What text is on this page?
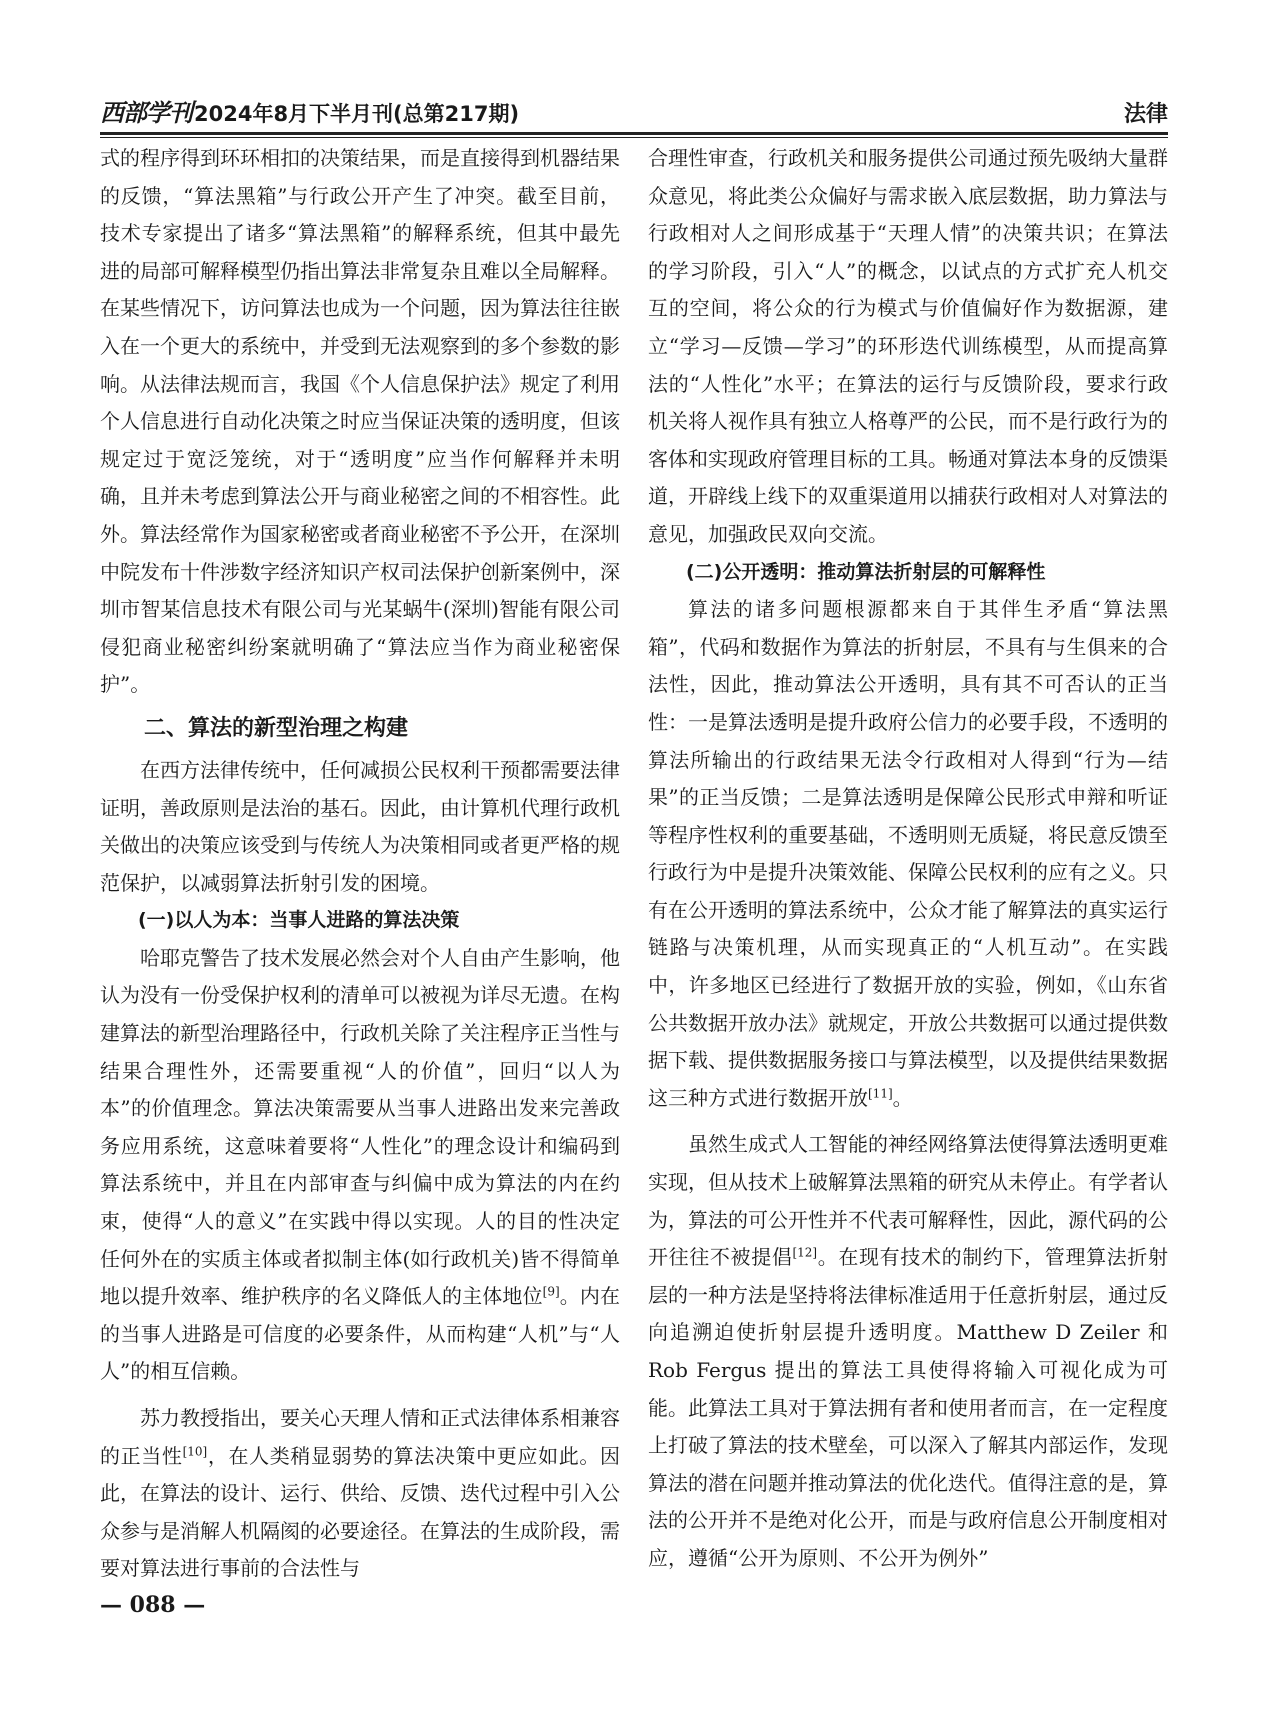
西部学刊 2024年8月下半月刊(总第217期)	法律

式的程序得到环环相扣的决策结果，而是直接得到机器结果的反馈，“算法黑箱”与行政公开产生了冲突。截至目前，技术专家提出了诸多“算法黑箱”的解释系统，但其中最先进的局部可解释模型仍指出算法非常复杂且难以全局解释。在某些情况下，访问算法也成为一个问题，因为算法往往嵌入在一个更大的系统中，并受到无法观察到的多个参数的影响。从法律法规而言，我国《个人信息保护法》规定了利用个人信息进行自动化决策之时应当保证决策的透明度，但该规定过于宽泛笼统，对于“透明度”应当作何解释并未明确，且并未考虑到算法公开与商业秘密之间的不相容性。此外。算法经常作为国家秘密或者商业秘密不予公开，在深圳中院发布十件涉数字经济知识产权司法保护创新案例中，深圳市智某信息技术有限公司与光某蜗牛(深圳)智能有限公司侵犯商业秘密纠纷案就明确了“算法应当作为商业秘密保护”。

二、算法的新型治理之构建

在西方法律传统中，任何减损公民权利干预都需要法律证明，善政原则是法治的基石。因此，由计算机代理行政机关做出的决策应该受到与传统人为决策相同或者更严格的规范保护，以减弱算法折射引发的困境。

(一)以人为本：当事人进路的算法决策

哈耶克警告了技术发展必然会对个人自由产生影响，他认为没有一份受保护权利的清单可以被视为详尽无遗。在构建算法的新型治理路径中，行政机关除了关注程序正当性与结果合理性外，还需要重视“人的价值”，回归“以人为本”的价值理念。算法决策需要从当事人进路出发来完善政务应用系统，这意味着要将“人性化”的理念设计和编码到算法系统中，并且在内部审查与纠偏中成为算法的内在约束，使得“人的意义”在实践中得以实现。人的目的性决定任何外在的实质主体或者拟制主体(如行政机关)皆不得简单地以提升效率、维护秩序的名义降低人的主体地位[9]。内在的当事人进路是可信度的必要条件，从而构建“人机”与“人人”的相互信赖。

苏力教授指出，要关心天理人情和正式法律体系相兼容的正当性[10]，在人类稍显弱势的算法决策中更应如此。因此，在算法的设计、运行、供给、反馈、迭代过程中引入公众参与是消解人机隔阂的必要途径。在算法的生成阶段，需要对算法进行事前的合法性与

合理性审查，行政机关和服务提供公司通过预先吸纳大量群众意见，将此类公众偏好与需求嵌入底层数据，助力算法与行政相对人之间形成基于“天理人情”的决策共识；在算法的学习阶段，引入“人”的概念，以试点的方式扩充人机交互的空间，将公众的行为模式与价值偏好作为数据源，建立“学习—反馈—学习”的环形迭代训练模型，从而提高算法的“人性化”水平；在算法的运行与反馈阶段，要求行政机关将人视作具有独立人格尊严的公民，而不是行政行为的客体和实现政府管理目标的工具。畅通对算法本身的反馈渠道，开辟线上线下的双重渠道用以捕获行政相对人对算法的意见，加强政民双向交流。

(二)公开透明：推动算法折射层的可解释性

算法的诸多问题根源都来自于其伴生矛盾“算法黑箱”，代码和数据作为算法的折射层，不具有与生俱来的合法性，因此，推动算法公开透明，具有其不可否认的正当性：一是算法透明是提升政府公信力的必要手段，不透明的算法所输出的行政结果无法令行政相对人得到“行为—结果”的正当反馈；二是算法透明是保障公民形式申辩和听证等程序性权利的重要基础，不透明则无质疑，将民意反馈至行政行为中是提升决策效能、保障公民权利的应有之义。只有在公开透明的算法系统中，公众才能了解算法的真实运行链路与决策机理，从而实现真正的“人机互动”。在实践中，许多地区已经进行了数据开放的实验，例如，《山东省公共数据开放办法》就规定，开放公共数据可以通过提供数据下载、提供数据服务接口与算法模型，以及提供结果数据这三种方式进行数据开放[11]。

虽然生成式人工智能的神经网络算法使得算法透明更难实现，但从技术上破解算法黑箱的研究从未停止。有学者认为，算法的可公开性并不代表可解释性，因此，源代码的公开往往不被提倡[12]。在现有技术的制约下，管理算法折射层的一种方法是坚持将法律标准适用于任意折射层，通过反向追溯迫使折射层提升透明度。Matthew D Zeiler 和 Rob Fergus 提出的算法工具使得将输入可视化成为可能。此算法工具对于算法拥有者和使用者而言，在一定程度上打破了算法的技术壁垒，可以深入了解其内部运作，发现算法的潜在问题并推动算法的优化迭代。值得注意的是，算法的公开并不是绝对化公开，而是与政府信息公开制度相对应，遵循“公开为原则、不公开为例外”

— 088 —
